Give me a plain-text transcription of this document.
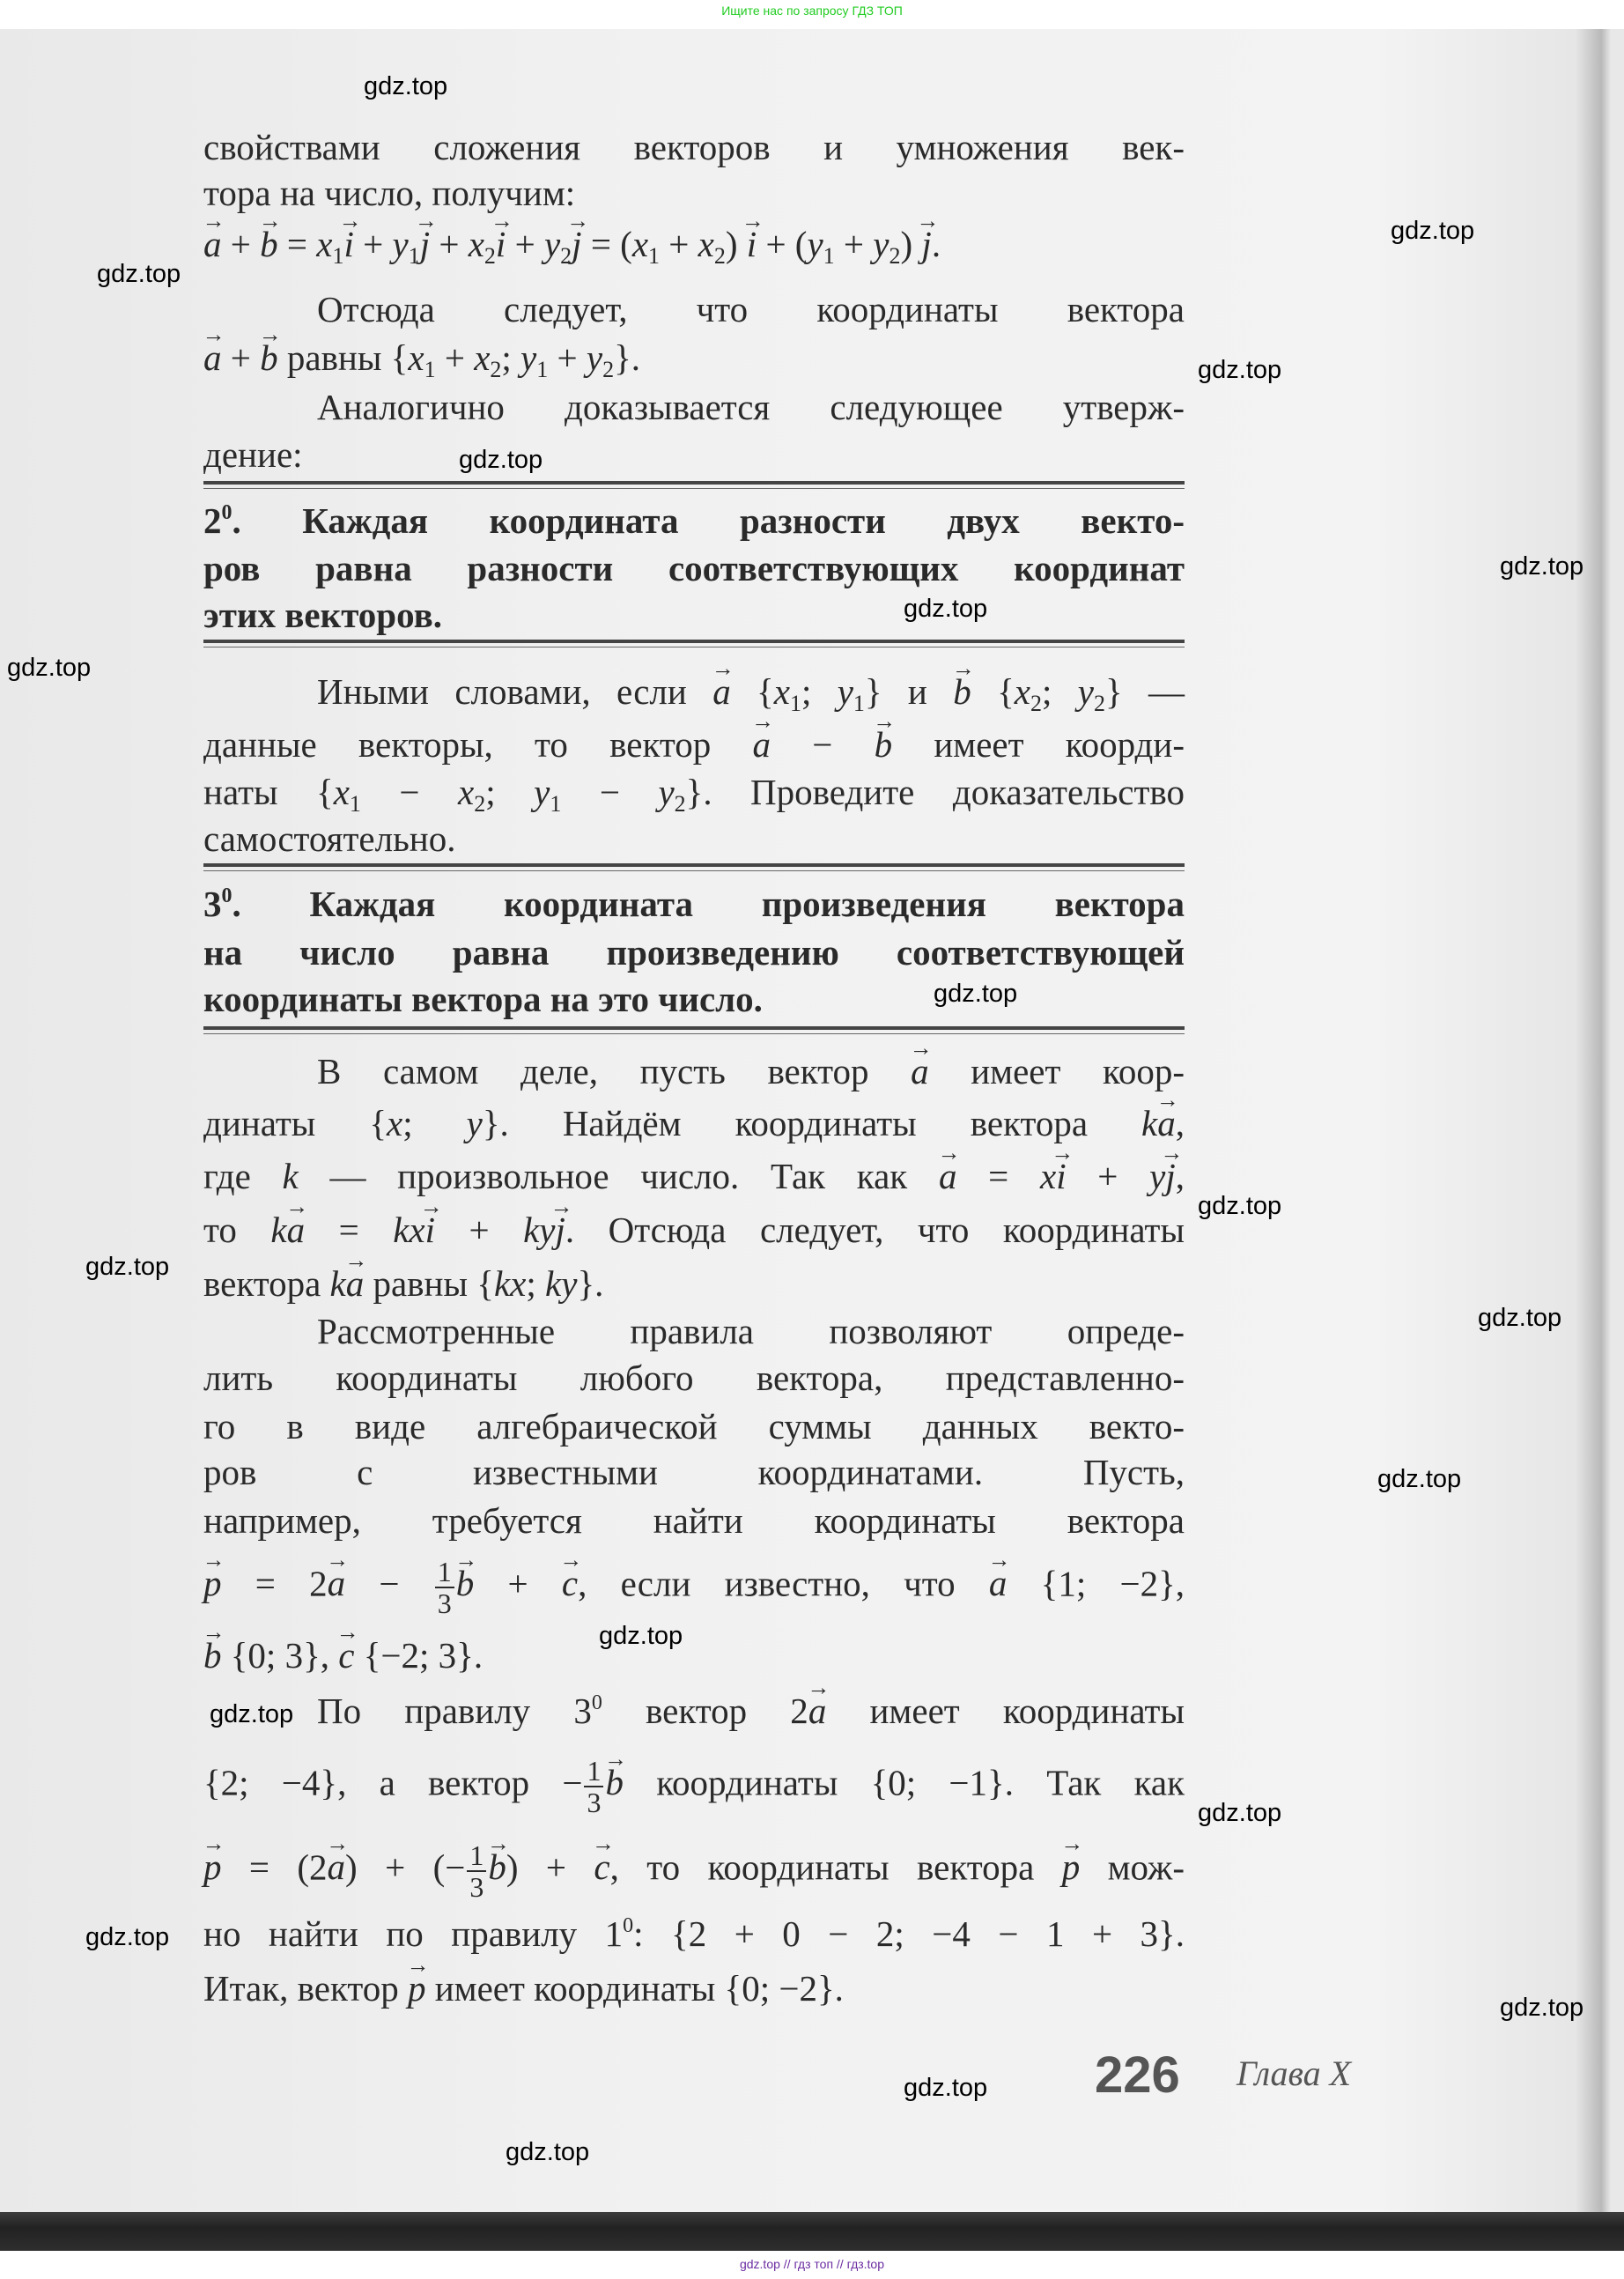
Ищите нас по запросу ГДЗ ТОП
свойствами сложения векторов и умножения век-
тора на число, получим:
→ a + → $b = x_1\to i + y_1\to j + x_2\to i + y_2\to j = (x_1 + x_2) \to i + (y_1 + y_2) \to j$.
Отсюда следует, что координаты вектора
→ a + → b равны {$x_1 + x_2$; $y_1 + y_2$}.
Аналогично доказывается следующее утверж-
дение:
$2^0$. Каждая координата разности двух векто-
ров равна разности соответствующих координат
этих векторов.
Иными словами, если → a {$x_1$; $y_1$} и → b {$x_2$; $y_2$} —
данные векторы, то вектор → a − → b имеет коорди-
наты {$x_1 - x_2$; $y_1 - y_2$}. Проведите доказательство
самостоятельно.
$3^0$. Каждая координата произведения вектора
на число равна произведению соответствующей
координаты вектора на это число.
В самом деле, пусть вектор → a имеет коор-
динаты {x; y}. Найдём координаты вектора k→ a,
где k — произвольное число. Так как → a = x→ i + y→ j,
то k→ a = kx→ i + ky→ j. Отсюда следует, что координаты
вектора k→ a равны {kx; ky}.
Рассмотренные правила позволяют опреде-
лить координаты любого вектора, представленно-
го в виде алгебраической суммы данных векто-
ров с известными координатами. Пусть,
например, требуется найти координаты вектора
→ $p = 2\to a - \frac{1}{3} \to b$ + → c, если известно, что → a {1; −2},
→ b {0; 3}, → c {−2; 3}.
По правилу $3^0$ вектор 2→ a имеет координаты
{2; −4}, а вектор − $\frac{1}{3} \to b$ координаты {0; −1}. Так как
→ p = (2→ a) + (− $\frac{1}{3} \to b$) + → c, то координаты вектора → p мож-
но найти по правилу $1^0$: {2 + 0 − 2; −4 − 1 + 3}.
Итак, вектор → p имеет координаты {0; −2}.
226 Глава X
gdz.top
gdz.top
gdz.top
gdz.top
gdz.top
gdz.top
gdz.top
gdz.top
gdz.top
gdz.top
gdz.top
gdz.top
gdz.top
gdz.top
gdz.top
gdz.top
gdz.top
gdz.top
gdz.top
gdz.top
gdz.top // гдз топ // гдз.top
